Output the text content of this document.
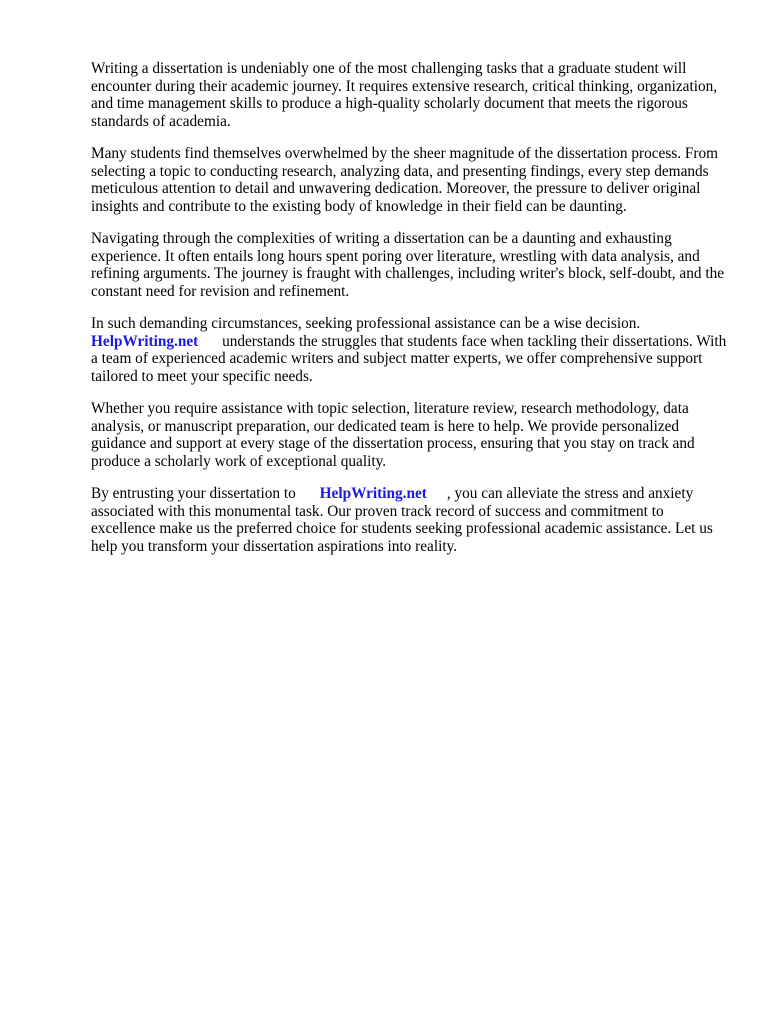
Writing a dissertation is undeniably one of the most challenging tasks that a graduate student will encounter during their academic journey. It requires extensive research, critical thinking, organization, and time management skills to produce a high-quality scholarly document that meets the rigorous standards of academia.

Many students find themselves overwhelmed by the sheer magnitude of the dissertation process. From selecting a topic to conducting research, analyzing data, and presenting findings, every step demands meticulous attention to detail and unwavering dedication. Moreover, the pressure to deliver original insights and contribute to the existing body of knowledge in their field can be daunting.

Navigating through the complexities of writing a dissertation can be a daunting and exhausting experience. It often entails long hours spent poring over literature, wrestling with data analysis, and refining arguments. The journey is fraught with challenges, including writer's block, self-doubt, and the constant need for revision and refinement.

In such demanding circumstances, seeking professional assistance can be a wise decision.
HelpWriting.net understands the struggles that students face when tackling their dissertations. With a team of experienced academic writers and subject matter experts, we offer comprehensive support tailored to meet your specific needs.

Whether you require assistance with topic selection, literature review, research methodology, data analysis, or manuscript preparation, our dedicated team is here to help. We provide personalized guidance and support at every stage of the dissertation process, ensuring that you stay on track and produce a scholarly work of exceptional quality.

By entrusting your dissertation to HelpWriting.net , you can alleviate the stress and anxiety associated with this monumental task. Our proven track record of success and commitment to excellence make us the preferred choice for students seeking professional academic assistance. Let us help you transform your dissertation aspirations into reality.
